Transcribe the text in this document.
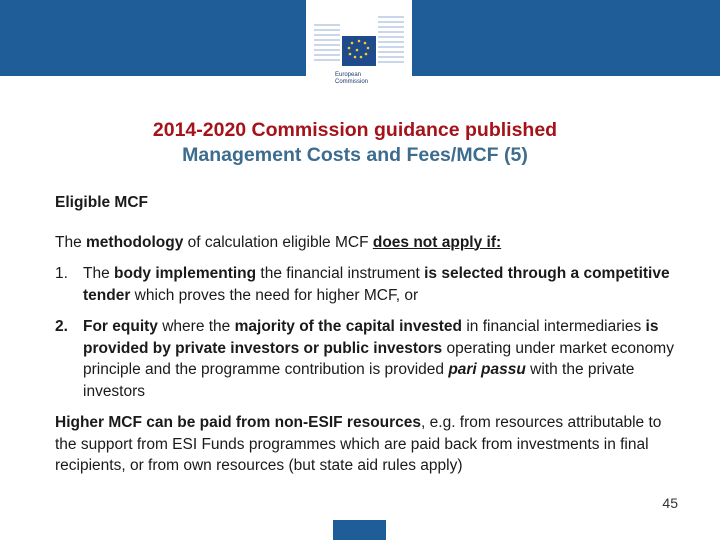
European
Commission
2014-2020 Commission guidance published
Management Costs and Fees/MCF (5)

Eligible MCF

The methodology of calculation eligible MCF does not apply if:

1. The body implementing the financial instrument is selected through a competitive tender which proves the need for higher MCF, or
2. For equity where the majority of the capital invested in financial intermediaries is provided by private investors or public investors operating under market economy principle and the programme contribution is provided pari passu with the private investors

Higher MCF can be paid from non-ESIF resources, e.g. from resources attributable to the support from ESI Funds programmes which are paid back from investments in final recipients, or from own resources (but state aid rules apply)

45
